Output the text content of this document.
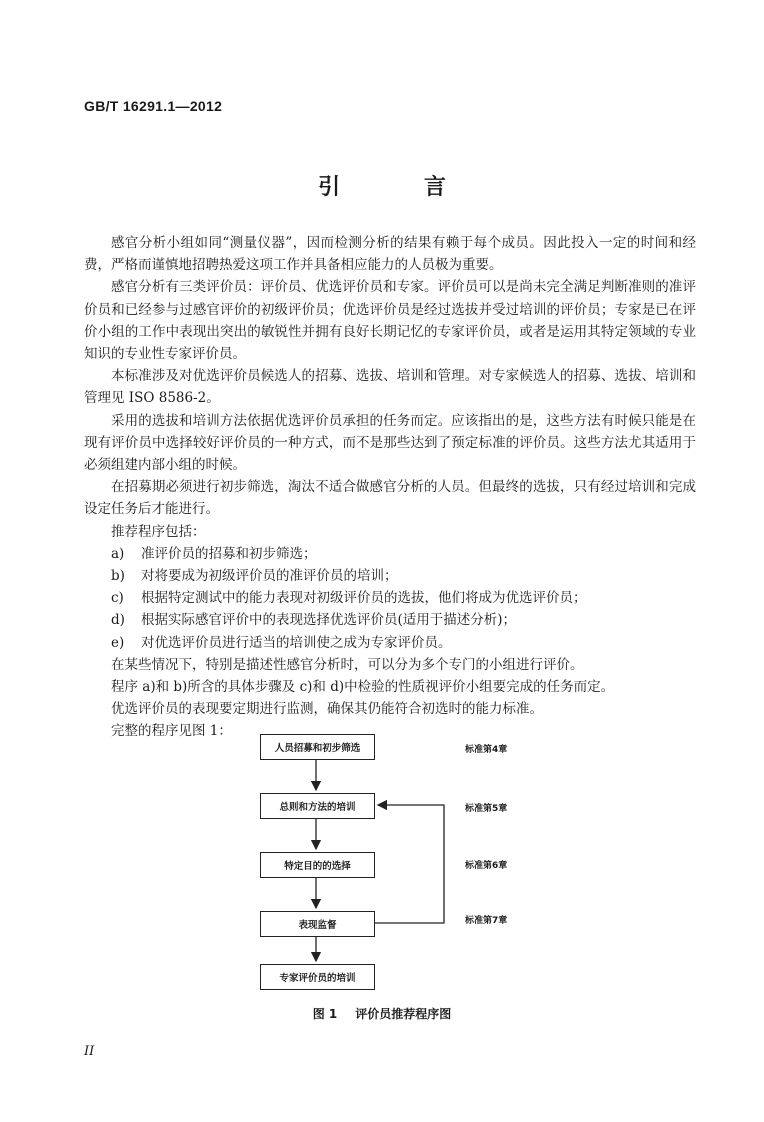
GB/T 16291.1—2012
引 言

感官分析小组如同“测量仪器”，因而检测分析的结果有赖于每个成员。因此投入一定的时间和经费，严格而谨慎地招聘热爱这项工作并具备相应能力的人员极为重要。

感官分析有三类评价员：评价员、优选评价员和专家。评价员可以是尚未完全满足判断准则的准评价员和已经参与过感官评价的初级评价员；优选评价员是经过选拔并受过培训的评价员；专家是已在评价小组的工作中表现出突出的敏锐性并拥有良好长期记忆的专家评价员，或者是运用其特定领域的专业知识的专业性专家评价员。

本标准涉及对优选评价员候选人的招募、选拔、培训和管理。对专家候选人的招募、选拔、培训和管理见 ISO 8586-2。

采用的选拔和培训方法依据优选评价员承担的任务而定。应该指出的是，这些方法有时候只能是在现有评价员中选择较好评价员的一种方式，而不是那些达到了预定标准的评价员。这些方法尤其适用于必须组建内部小组的时候。

在招募期必须进行初步筛选，淘汰不适合做感官分析的人员。但最终的选拔，只有经过培训和完成设定任务后才能进行。

推荐程序包括：

a) 准评价员的招募和初步筛选；

b) 对将要成为初级评价员的准评价员的培训；

c) 根据特定测试中的能力表现对初级评价员的选拔，他们将成为优选评价员；

d) 根据实际感官评价中的表现选择优选评价员(适用于描述分析)；

e) 对优选评价员进行适当的培训使之成为专家评价员。

在某些情况下，特别是描述性感官分析时，可以分为多个专门的小组进行评价。

程序 a)和 b)所含的具体步骤及 c)和 d)中检验的性质视评价小组要完成的任务而定。

优选评价员的表现要定期进行监测，确保其仍能符合初选时的能力标准。

完整的程序见图 1：

人员招募和初步筛选
总则和方法的培训
特定目的的选择
表现监督
专家评价员的培训
标准第4章
标准第5章
标准第6章
标准第7章
图 1 评价员推荐程序图
II
